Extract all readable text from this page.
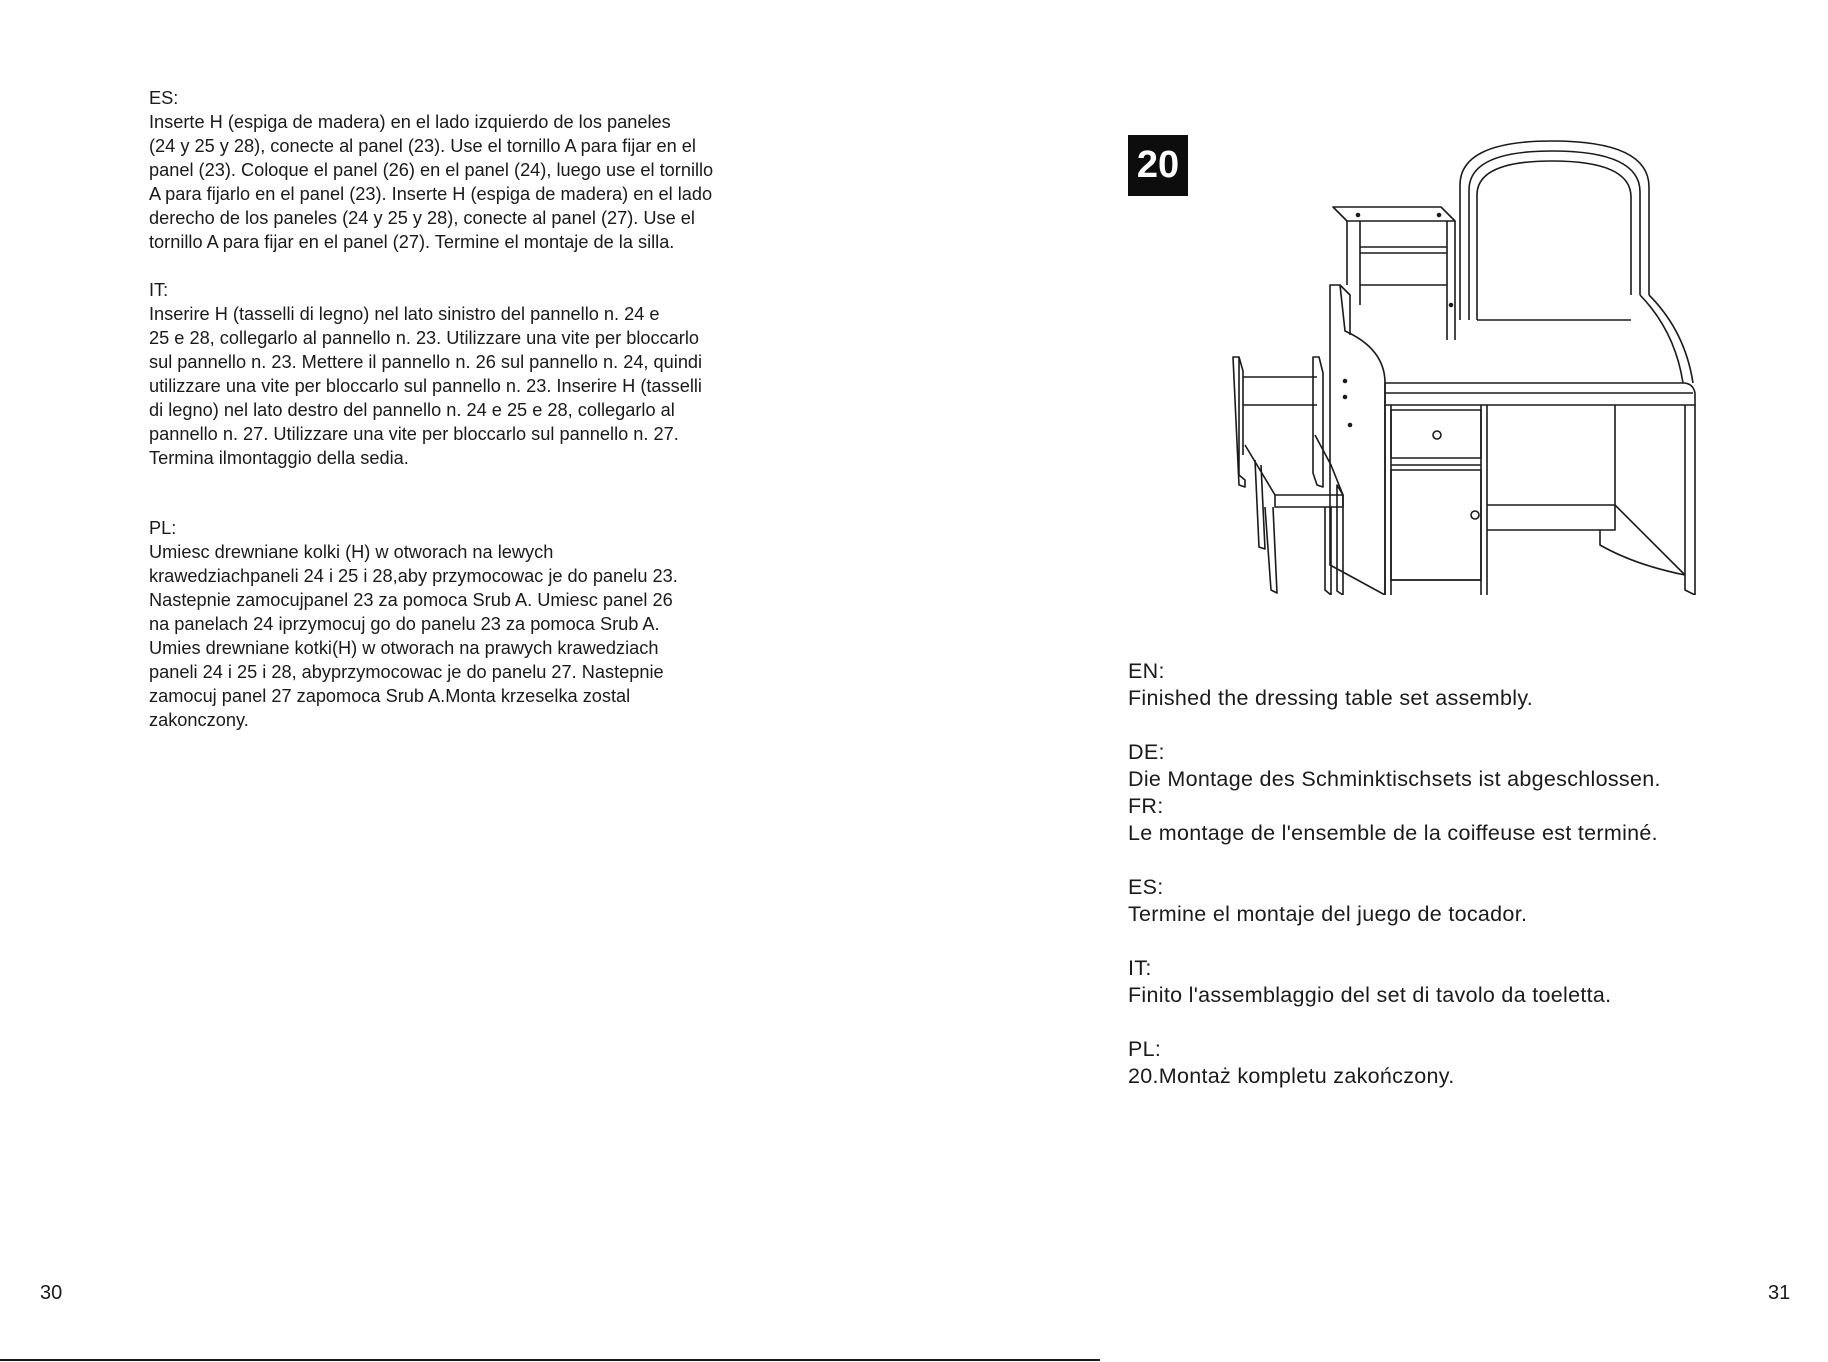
ES:

Inserte H (espiga de madera) en el lado izquierdo de los paneles

(24 y 25 y 28), conecte al panel (23). Use el tornillo A para fijar en el

panel (23). Coloque el panel (26) en el panel (24), luego use el tornillo

A para fijarlo en el panel (23). Inserte H (espiga de madera) en el lado

derecho de los paneles (24 y 25 y 28), conecte al panel (27). Use el

tornillo A para fijar en el panel (27). Termine el montaje de la silla.

IT:

Inserire H (tasselli di legno) nel lato sinistro del pannello n. 24 e

25 e 28, collegarlo al pannello n. 23. Utilizzare una vite per bloccarlo

sul pannello n. 23. Mettere il pannello n. 26 sul pannello n. 24, quindi

utilizzare una vite per bloccarlo sul pannello n. 23. Inserire H (tasselli

di legno) nel lato destro del pannello n. 24 e 25 e 28, collegarlo al

pannello n. 27. Utilizzare una vite per bloccarlo sul pannello n. 27.

Termina ilmontaggio della sedia.

PL:

Umiesc drewniane kolki (H) w otworach na lewych

krawedziachpaneli 24 i 25 i 28,aby przymocowac je do panelu 23.

Nastepnie zamocujpanel 23 za pomoca Srub A. Umiesc panel 26

na panelach 24 iprzymocuj go do panelu 23 za pomoca Srub A.

Umies drewniane kotki(H) w otworach na prawych krawedziach

paneli 24 i 25 i 28, abyprzymocowac je do panelu 27. Nastepnie

zamocuj panel 27 zapomoca Srub A.Monta krzeselka zostal

zakonczony.

20

EN:

Finished the dressing table set assembly.

DE:

Die Montage des Schminktischsets ist abgeschlossen.

FR:

Le montage de l'ensemble de la coiffeuse est terminé.

ES:

Termine el montaje del juego de tocador.

IT:

Finito l'assemblaggio del set di tavolo da toeletta.

PL:

20.Montaż kompletu zakończony.

30	31
